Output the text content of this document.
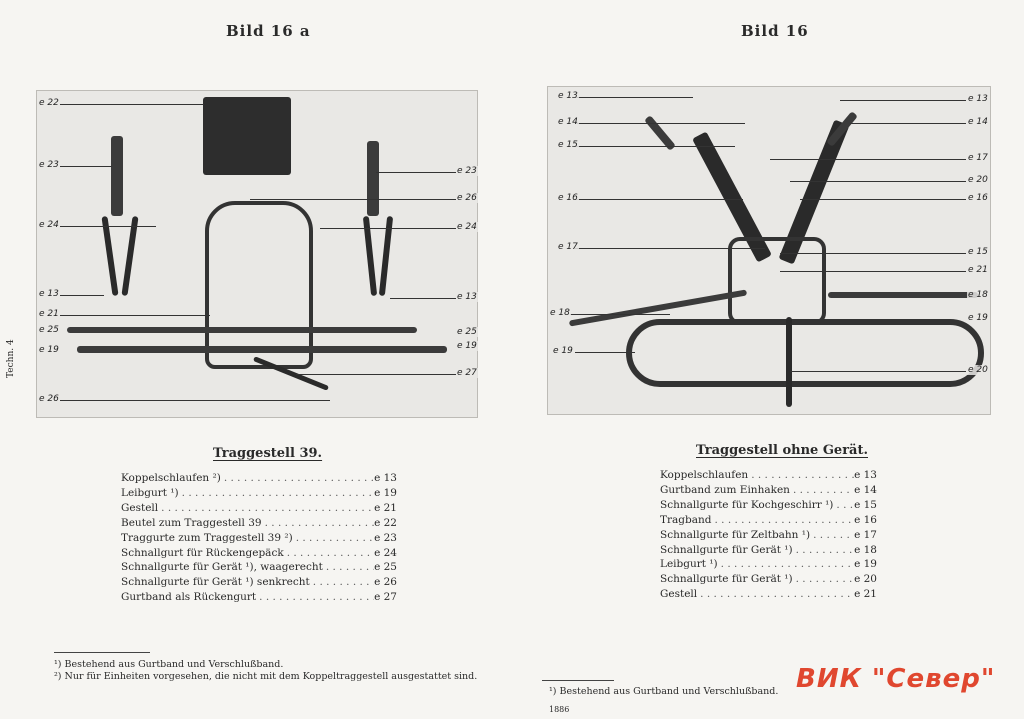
Bild 16 a	Bild 16
Techn. 4
e 22
e 23
e 24
e 13
e 21
e 25
e 19
e 26
e 23
e 26
e 24
e 13
e 25
e 19
e 27
e 13
e 14
e 15
e 16
e 17
e 18
e 19
e 13
e 14
e 17
e 20
e 16
e 15
e 21
e 18
e 19
e 20
Traggestell 39.	Traggestell ohne Gerät.
Koppelschlaufen ²) . . .	e 13
Leibgurt ¹) . . .	e 19
Gestell . . .	e 21
Beutel zum Traggestell 39 . . .	e 22
Traggurte zum Traggestell 39 ²) . . .	e 23
Schnallgurt für Rückengepäck . . .	e 24
Schnallgurte für Gerät ¹), waagerecht . . .	e 25
Schnallgurte für Gerät ¹) senkrecht . . .	e 26
Gurtband als Rückengurt . . .	e 27
Koppelschlaufen . . .	e 13
Gurtband zum Einhaken . . .	e 14
Schnallgurte für Kochgeschirr ¹) . . . e 15
Tragband . . .	e 16
Schnallgurte für Zeltbahn ¹) . . .	e 17
Schnallgurte für Gerät ¹) . . .	e 18
Leibgurt ¹) . . .	e 19
Schnallgurte für Gerät ¹) . . .	e 20
Gestell . . .	e 21
¹) Bestehend aus Gurtband und Verschlußband.
²) Nur für Einheiten vorgesehen, die nicht mit dem Koppeltraggestell ausgestattet sind.
¹) Bestehend aus Gurtband und Verschlußband.
1886
ВИК "Север"
